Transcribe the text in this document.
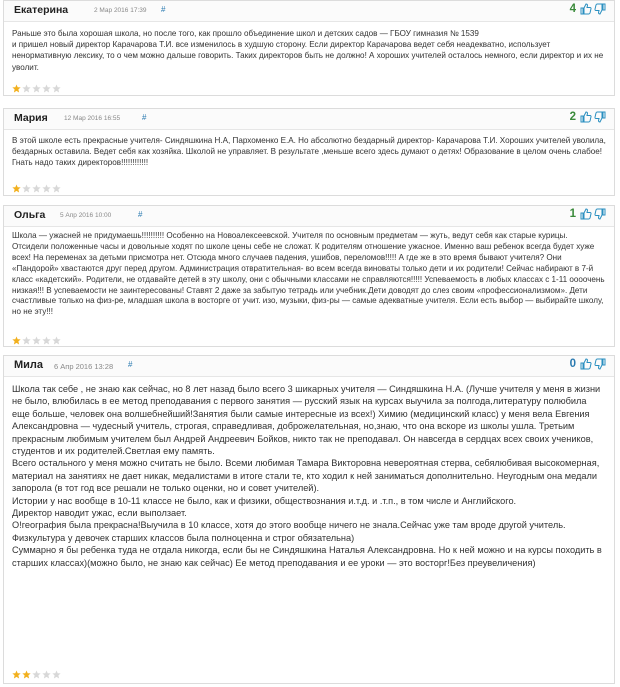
Екатерина	2 Мар 2016 17:39 #	4

Раньше это была хорошая школа, но после того, как прошло объединение школ и детских садов — ГБОУ гимназия № 1539

и пришел новый директор Карачарова Т.И. все изменилось в худшую сторону. Если директор Карачарова ведет себя неадекватно, использует ненормативную лексику, то о чем можно дальше говорить. Таких директоров быть не должно! А хороших учителей осталось немного, если директор и их не уволит.

Мария	12 Мар 2016 16:55	#	2

В этой школе есть прекрасные учителя- Синдяшкина Н.А, Пархоменко Е.А. Но абсолютно бездарный директор- Карачарова Т.И. Хороших учителей уволила, бездарных оставила. Ведет себя как хозяйка. Школой не управляет. В результате ,меньше всего здесь думают о детях! Образование в целом очень слабое! Гнать надо таких директоров!!!!!!!!!!!!

Ольга 5 Апр 2016 10:00	#	1

Школа — ужасней не придумаешь!!!!!!!!!! Особенно на Новоалексеевской. Учителя по основным предметам — жуть, ведут себя как старые курицы. Отсидели положенные часы и довольные ходят по школе цены себе не сложат. К родителям отношение ужасное. Именно ваш ребенок всегда будет хуже всех! На переменах за детьми присмотра нет. Отсюда много случаев падения, ушибов, переломов!!!!! А где же в это время бывают учителя? Они «Пандорой» хвастаются друг перед другом. Администрация отвратительная- во всем всегда виноваты только дети и их родители! Сейчас набирают в 7-й класс «кадетский». Родители, не отдавайте детей в эту школу, они с обычными классами не справляются!!!!! Успеваемость в любых классах с 1-11 оооочень низкая!!! В успеваемости не заинтересованы! Ставят 2 даже за забытую тетрадь или учебник.Дети доводят до слез своим «профессионализмом». Дети счастливые только на физ-ре, младшая школа в восторге от учит. изо, музыки, физ-ры — самые адекватные учителя. Если есть выбор — выбирайте школу, но не эту!!!

Мила 6 Апр 2016 13:28 #	0

Школа так себе , не знаю как сейчас, но 8 лет назад было всего 3 шикарных учителя — Синдяшкина Н.А. (Лучше учителя у меня в жизни не было, влюбилась в ее метод преподавания с первого занятия — русский язык на курсах выучила за полгода,литературу полюбила еще больше, человек она волшебнейший!Занятия были самые интересные из всех!) Химию (медицинский класс) у меня вела Евгения Александровна — чудесный учитель, строгая, справедливая, доброжелательная, но,знаю, что она вскоре из школы ушла. Третьим прекрасным любимым учителем был Андрей Андреевич Бойков, никто так не преподавал. Он навсегда в сердцах всех своих учеников, студентов и их родителей.Светлая ему память.

Всего остального у меня можно считать не было. Всеми любимая Тамара Викторовна невероятная стерва, себялюбивая высокомерная, материал на занятиях не дает никак, медалистами в итоге стали те, кто ходил к ней заниматься дополнительно. Неугодным она медали запорола (в тот год все решали не только оценки, но и совет учителей).

Истории у нас вообще в 10-11 классе не было, как и физики, обществознания и.т.д. и .т.п., в том числе и Английского.

Директор наводит ужас, если выползает.

О!география была прекрасна!Выучила в 10 классе, хотя до этого вообще ничего не знала.Сейчас уже там вроде другой учитель. Физкультура у девочек старших классов была полноценна и строг обязательна)

Суммарно я бы ребенка туда не отдала никогда, если бы не Синдяшкина Наталья Александровна. Но к ней можно и на курсы походить в старших классах)(можно было, не знаю как сейчас) Ее метод преподавания и ее уроки — это восторг!Без преувеличения)
